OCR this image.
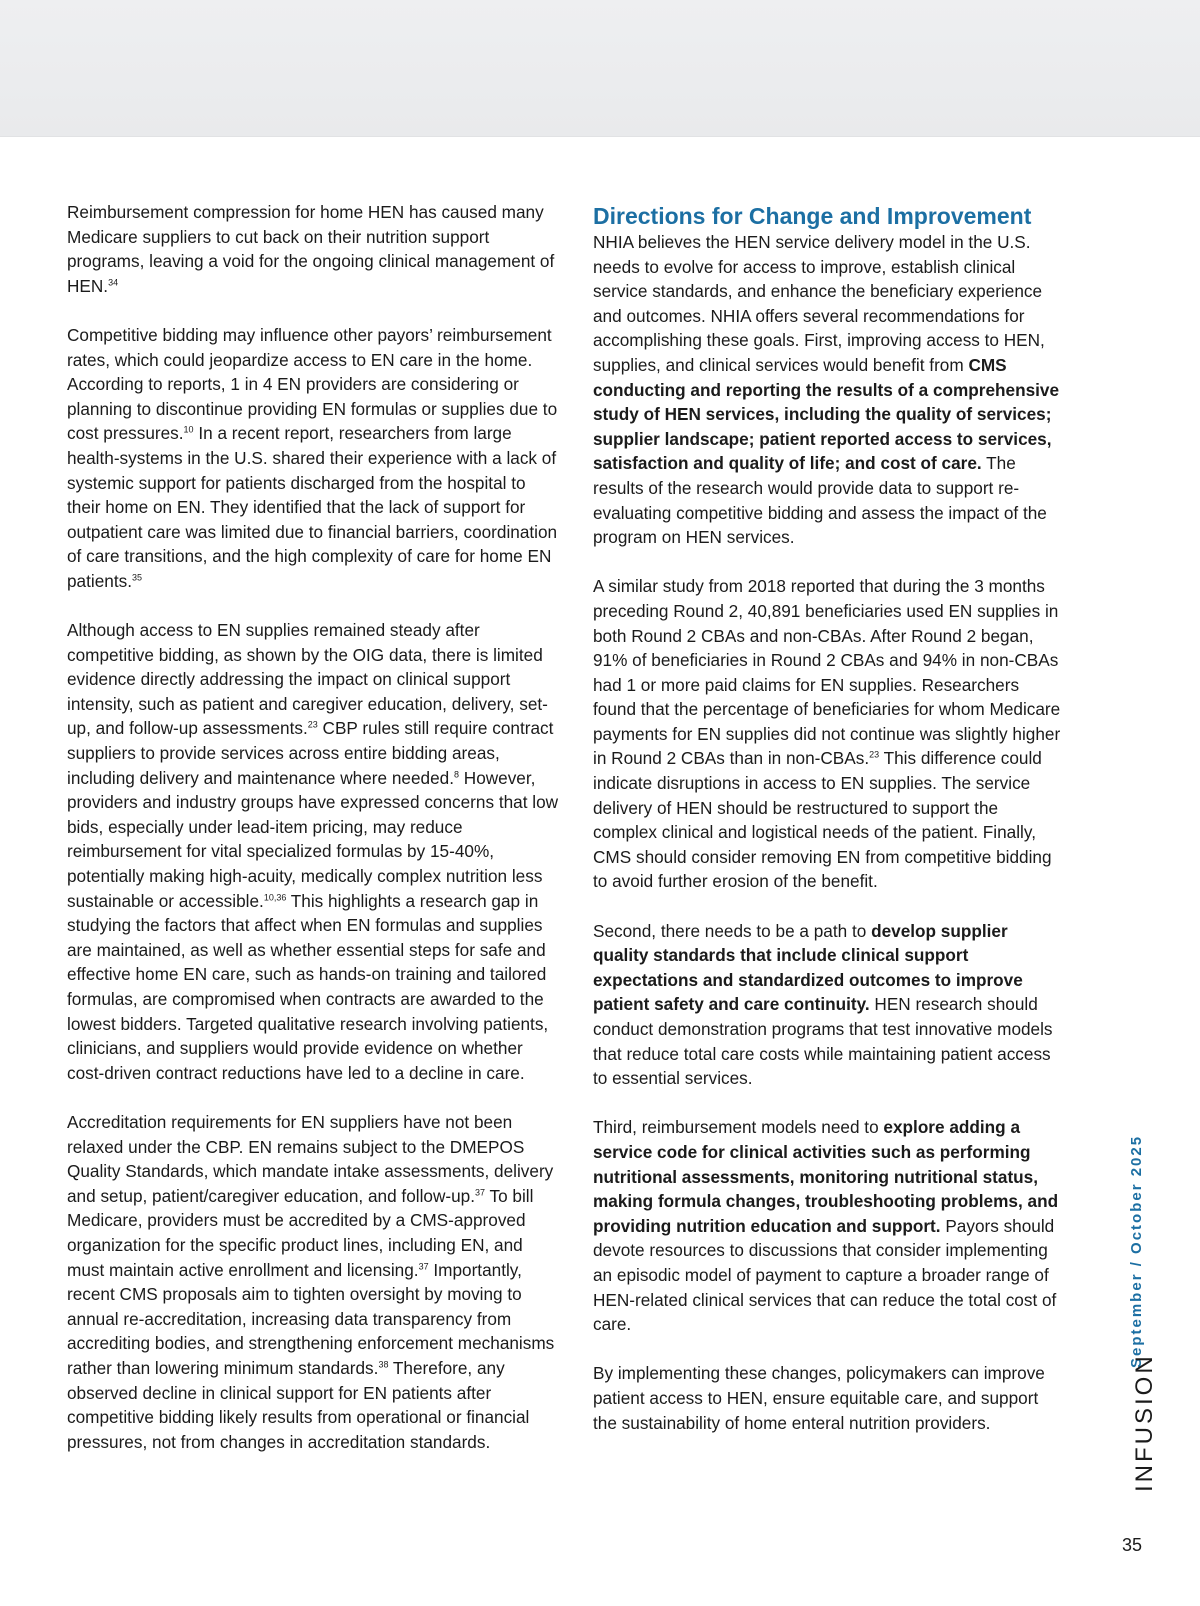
Reimbursement compression for home HEN has caused many Medicare suppliers to cut back on their nutrition support programs, leaving a void for the ongoing clinical management of HEN.$^{34}$

Competitive bidding may influence other payors’ reimbursement rates, which could jeopardize access to EN care in the home. According to reports, 1 in 4 EN providers are considering or planning to discontinue providing EN formulas or supplies due to cost pressures.$^{10}$ In a recent report, researchers from large health-systems in the U.S. shared their experience with a lack of systemic support for patients discharged from the hospital to their home on EN. They identified that the lack of support for outpatient care was limited due to financial barriers, coordination of care transitions, and the high complexity of care for home EN patients.$^{35}$

Although access to EN supplies remained steady after competitive bidding, as shown by the OIG data, there is limited evidence directly addressing the impact on clinical support intensity, such as patient and caregiver education, delivery, set-up, and follow-up assessments.$^{23}$ CBP rules still require contract suppliers to provide services across entire bidding areas, including delivery and maintenance where needed.$^8$ However, providers and industry groups have expressed concerns that low bids, especially under lead-item pricing, may reduce reimbursement for vital specialized formulas by 15-40%, potentially making high-acuity, medically complex nutrition less sustainable or accessible.$^{10,36}$ This highlights a research gap in studying the factors that affect when EN formulas and supplies are maintained, as well as whether essential steps for safe and effective home EN care, such as hands-on training and tailored formulas, are compromised when contracts are awarded to the lowest bidders. Targeted qualitative research involving patients, clinicians, and suppliers would provide evidence on whether cost-driven contract reductions have led to a decline in care.

Accreditation requirements for EN suppliers have not been relaxed under the CBP. EN remains subject to the DMEPOS Quality Standards, which mandate intake assessments, delivery and setup, patient/caregiver education, and follow-up.$^{37}$ To bill Medicare, providers must be accredited by a CMS-approved organization for the specific product lines, including EN, and must maintain active enrollment and licensing.$^{37}$ Importantly, recent CMS proposals aim to tighten oversight by moving to annual re-accreditation, increasing data transparency from accrediting bodies, and strengthening enforcement mechanisms rather than lowering minimum standards.$^{38}$ Therefore, any observed decline in clinical support for EN patients after competitive bidding likely results from operational or financial pressures, not from changes in accreditation standards.

Directions for Change and Improvement

NHIA believes the HEN service delivery model in the U.S. needs to evolve for access to improve, establish clinical service standards, and enhance the beneficiary experience and outcomes. NHIA offers several recommendations for accomplishing these goals. First, improving access to HEN, supplies, and clinical services would benefit from CMS conducting and reporting the results of a comprehensive study of HEN services, including the quality of services; supplier landscape; patient reported access to services, satisfaction and quality of life; and cost of care. The results of the research would provide data to support re-evaluating competitive bidding and assess the impact of the program on HEN services.

A similar study from 2018 reported that during the 3 months preceding Round 2, 40,891 beneficiaries used EN supplies in both Round 2 CBAs and non-CBAs. After Round 2 began, 91% of beneficiaries in Round 2 CBAs and 94% in non-CBAs had 1 or more paid claims for EN supplies. Researchers found that the percentage of beneficiaries for whom Medicare payments for EN supplies did not continue was slightly higher in Round 2 CBAs than in non-CBAs.$^{23}$ This difference could indicate disruptions in access to EN supplies. The service delivery of HEN should be restructured to support the complex clinical and logistical needs of the patient. Finally, CMS should consider removing EN from competitive bidding to avoid further erosion of the benefit.

Second, there needs to be a path to develop supplier quality standards that include clinical support expectations and standardized outcomes to improve patient safety and care continuity. HEN research should conduct demonstration programs that test innovative models that reduce total care costs while maintaining patient access to essential services.

Third, reimbursement models need to explore adding a service code for clinical activities such as performing nutritional assessments, monitoring nutritional status, making formula changes, troubleshooting problems, and providing nutrition education and support. Payors should devote resources to discussions that consider implementing an episodic model of payment to capture a broader range of HEN-related clinical services that can reduce the total cost of care.

By implementing these changes, policymakers can improve patient access to HEN, ensure equitable care, and support the sustainability of home enteral nutrition providers.

September / October 2025
INFUSION
35
